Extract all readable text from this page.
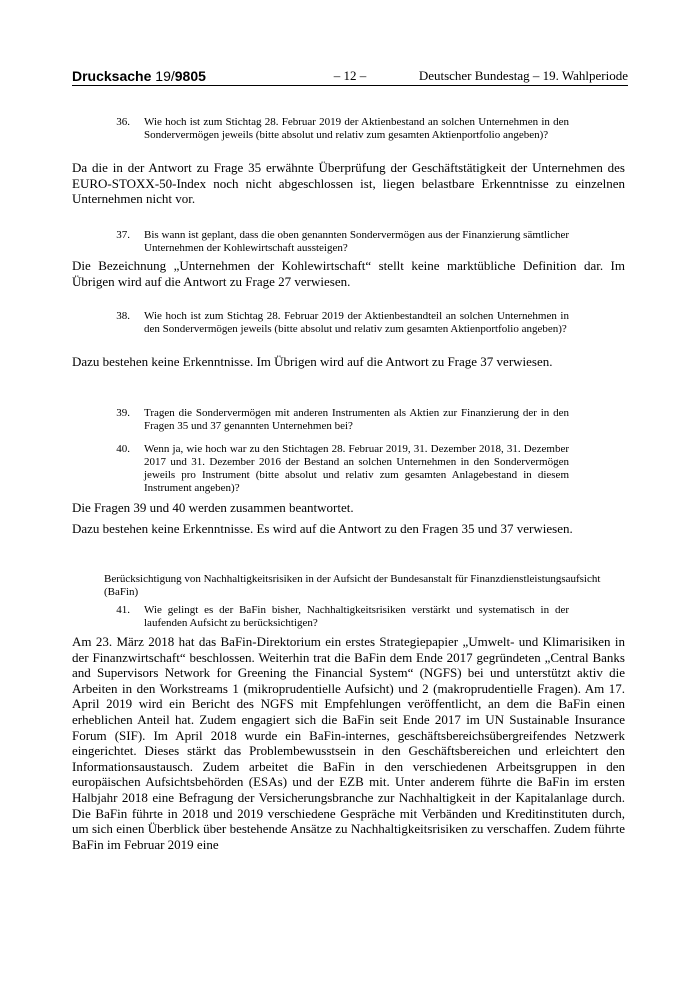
Drucksache 19/9805	– 12 –	Deutscher Bundestag – 19. Wahlperiode
36. Wie hoch ist zum Stichtag 28. Februar 2019 der Aktienbestand an solchen Unternehmen in den Sondervermögen jeweils (bitte absolut und relativ zum gesamten Aktienportfolio angeben)?
Da die in der Antwort zu Frage 35 erwähnte Überprüfung der Geschäftstätigkeit der Unternehmen des EURO-STOXX-50-Index noch nicht abgeschlossen ist, liegen belastbare Erkenntnisse zu einzelnen Unternehmen nicht vor.
37. Bis wann ist geplant, dass die oben genannten Sondervermögen aus der Finanzierung sämtlicher Unternehmen der Kohlewirtschaft aussteigen?
Die Bezeichnung „Unternehmen der Kohlewirtschaft“ stellt keine marktübliche Definition dar. Im Übrigen wird auf die Antwort zu Frage 27 verwiesen.
38. Wie hoch ist zum Stichtag 28. Februar 2019 der Aktienbestandteil an solchen Unternehmen in den Sondervermögen jeweils (bitte absolut und relativ zum gesamten Aktienportfolio angeben)?
Dazu bestehen keine Erkenntnisse. Im Übrigen wird auf die Antwort zu Frage 37 verwiesen.
39. Tragen die Sondervermögen mit anderen Instrumenten als Aktien zur Finanzierung der in den Fragen 35 und 37 genannten Unternehmen bei?
40. Wenn ja, wie hoch war zu den Stichtagen 28. Februar 2019, 31. Dezember 2018, 31. Dezember 2017 und 31. Dezember 2016 der Bestand an solchen Unternehmen in den Sondervermögen jeweils pro Instrument (bitte absolut und relativ zum gesamten Anlagebestand in diesem Instrument angeben)?
Die Fragen 39 und 40 werden zusammen beantwortet.
Dazu bestehen keine Erkenntnisse. Es wird auf die Antwort zu den Fragen 35 und 37 verwiesen.
Berücksichtigung von Nachhaltigkeitsrisiken in der Aufsicht der Bundesanstalt für Finanzdienstleistungsaufsicht (BaFin)
41. Wie gelingt es der BaFin bisher, Nachhaltigkeitsrisiken verstärkt und systematisch in der laufenden Aufsicht zu berücksichtigen?
Am 23. März 2018 hat das BaFin-Direktorium ein erstes Strategiepapier „Umwelt- und Klimarisiken in der Finanzwirtschaft“ beschlossen. Weiterhin trat die BaFin dem Ende 2017 gegründeten „Central Banks and Supervisors Network for Greening the Financial System“ (NGFS) bei und unterstützt aktiv die Arbeiten in den Workstreams 1 (mikroprudentielle Aufsicht) und 2 (makroprudentielle Fragen). Am 17. April 2019 wird ein Bericht des NGFS mit Empfehlungen veröffentlicht, an dem die BaFin einen erheblichen Anteil hat. Zudem engagiert sich die BaFin seit Ende 2017 im UN Sustainable Insurance Forum (SIF). Im April 2018 wurde ein BaFin-internes, geschäftsbereichsübergreifendes Netzwerk eingerichtet. Dieses stärkt das Problembewusstsein in den Geschäftsbereichen und erleichtert den Informationsaustausch. Zudem arbeitet die BaFin in den verschiedenen Arbeitsgruppen in den europäischen Aufsichtsbehörden (ESAs) und der EZB mit. Unter anderem führte die BaFin im ersten Halbjahr 2018 eine Befragung der Versicherungsbranche zur Nachhaltigkeit in der Kapitalanlage durch. Die BaFin führte in 2018 und 2019 verschiedene Gespräche mit Verbänden und Kreditinstituten durch, um sich einen Überblick über bestehende Ansätze zu Nachhaltigkeitsrisiken zu verschaffen. Zudem führte BaFin im Februar 2019 eine
